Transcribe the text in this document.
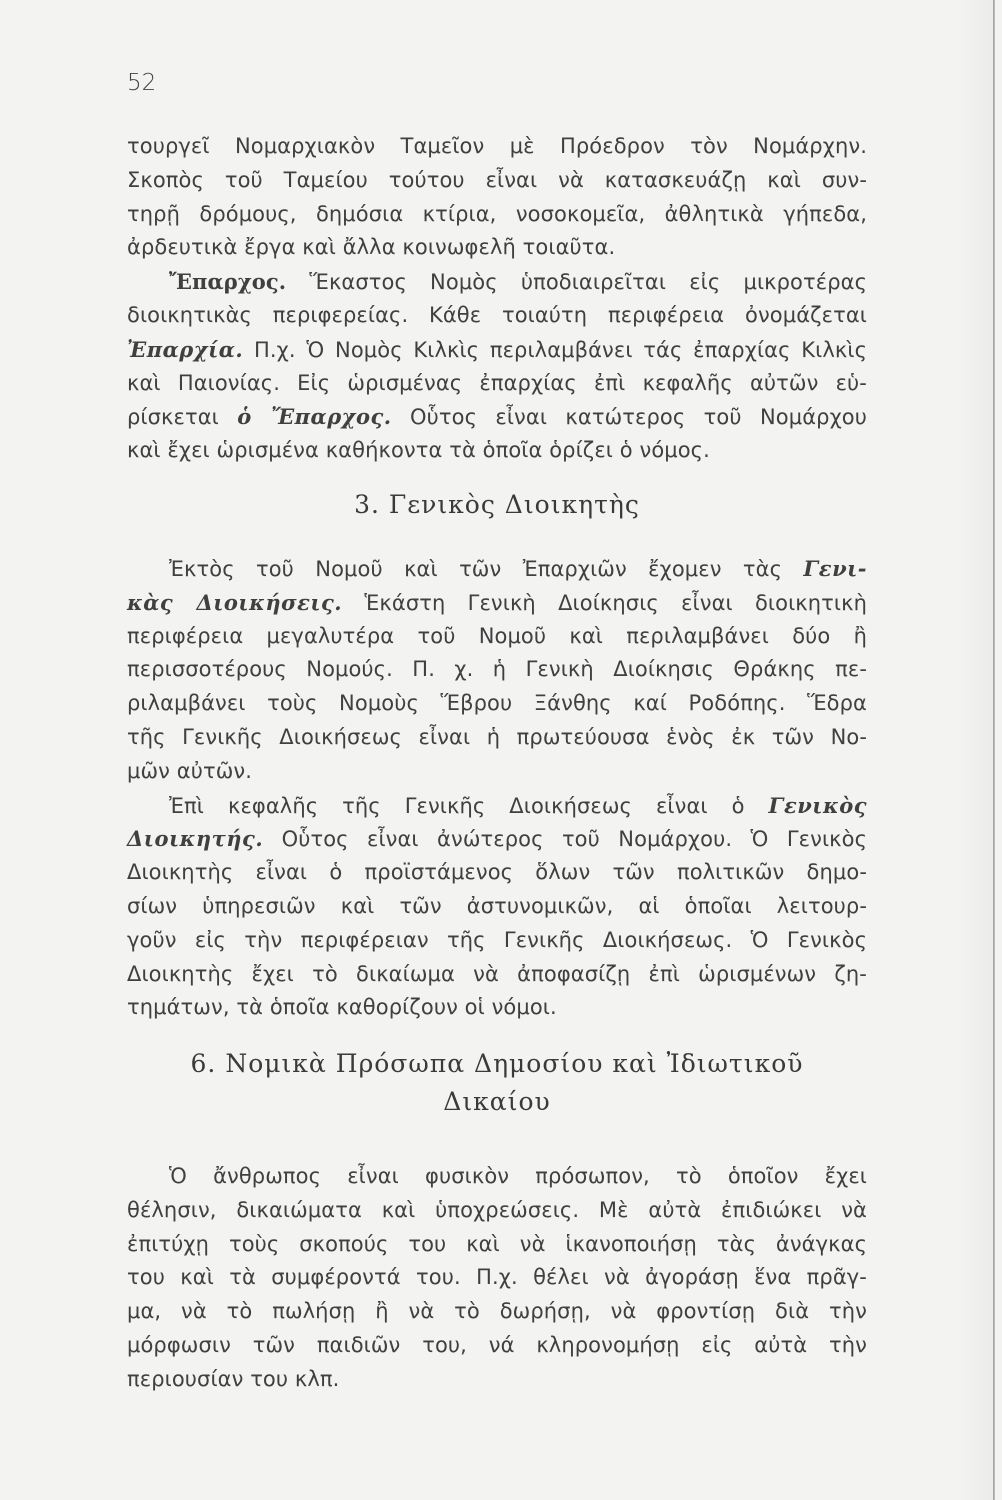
52
τουργεῖ Νομαρχιακὸν Ταμεῖον μὲ Πρόεδρον τὸν Νομάρχην.
Σκοπὸς τοῦ Ταμείου τούτου εἶναι νὰ κατασκευάζῃ καὶ συν-
τηρῇ δρόμους, δημόσια κτίρια, νοσοκομεῖα, ἀθλητικὰ γήπεδα,
ἀρδευτικὰ ἔργα καὶ ἄλλα κοινωφελῆ τοιαῦτα.
Ἔπαρχος. Ἕκαστος Νομὸς ὑποδιαιρεῖται εἰς μικροτέρας
διοικητικὰς περιφερείας. Κάθε τοιαύτη περιφέρεια ὀνομάζεται
Ἐπαρχία. Π.χ. Ὁ Νομὸς Κιλκὶς περιλαμβάνει τάς ἐπαρχίας Κιλκὶς
καὶ Παιονίας. Εἰς ὡρισμένας ἐπαρχίας ἐπὶ κεφαλῆς αὐτῶν εὑ-
ρίσκεται ὁ Ἔπαρχος. Οὗτος εἶναι κατώτερος τοῦ Νομάρχου
καὶ ἔχει ὡρισμένα καθήκοντα τὰ ὁποῖα ὁρίζει ὁ νόμος.
3. Γενικὸς Διοικητὴς
Ἐκτὸς τοῦ Νομοῦ καὶ τῶν Ἐπαρχιῶν ἔχομεν τὰς Γενι-
κὰς Διοικήσεις. Ἑκάστη Γενικὴ Διοίκησις εἶναι διοικητικὴ
περιφέρεια μεγαλυτέρα τοῦ Νομοῦ καὶ περιλαμβάνει δύο ἢ
περισσοτέρους Νομούς. Π. χ. ἡ Γενικὴ Διοίκησις Θράκης πε-
ριλαμβάνει τοὺς Νομοὺς Ἕβρου Ξάνθης καί Ροδόπης. Ἕδρα
τῆς Γενικῆς Διοικήσεως εἶναι ἡ πρωτεύουσα ἑνὸς ἐκ τῶν Νο-
μῶν αὐτῶν.
Ἐπὶ κεφαλῆς τῆς Γενικῆς Διοικήσεως εἶναι ὁ Γενικὸς
Διοικητής. Οὗτος εἶναι ἀνώτερος τοῦ Νομάρχου. Ὁ Γενικὸς
Διοικητὴς εἶναι ὁ προϊστάμενος ὅλων τῶν πολιτικῶν δημο-
σίων ὑπηρεσιῶν καὶ τῶν ἀστυνομικῶν, αἱ ὁποῖαι λειτουρ-
γοῦν εἰς τὴν περιφέρειαν τῆς Γενικῆς Διοικήσεως. Ὁ Γενικὸς
Διοικητὴς ἔχει τὸ δικαίωμα νὰ ἀποφασίζῃ ἐπὶ ὡρισμένων ζη-
τημάτων, τὰ ὁποῖα καθορίζουν οἱ νόμοι.
6. Νομικὰ Πρόσωπα Δημοσίου καὶ Ἰδιωτικοῦ
Δικαίου
Ὁ ἄνθρωπος εἶναι φυσικὸν πρόσωπον, τὸ ὁποῖον ἔχει
θέλησιν, δικαιώματα καὶ ὑποχρεώσεις. Μὲ αὐτὰ ἐπιδιώκει νὰ
ἐπιτύχῃ τοὺς σκοπούς του καὶ νὰ ἱκανοποιήσῃ τὰς ἀνάγκας
του καὶ τὰ συμφέροντά του. Π.χ. θέλει νὰ ἀγοράσῃ ἕνα πρᾶγ-
μα, νὰ τὸ πωλήσῃ ἢ νὰ τὸ δωρήσῃ, νὰ φροντίσῃ διὰ τὴν
μόρφωσιν τῶν παιδιῶν του, νά κληρονομήσῃ εἰς αὐτὰ τὴν
περιουσίαν του κλπ.
